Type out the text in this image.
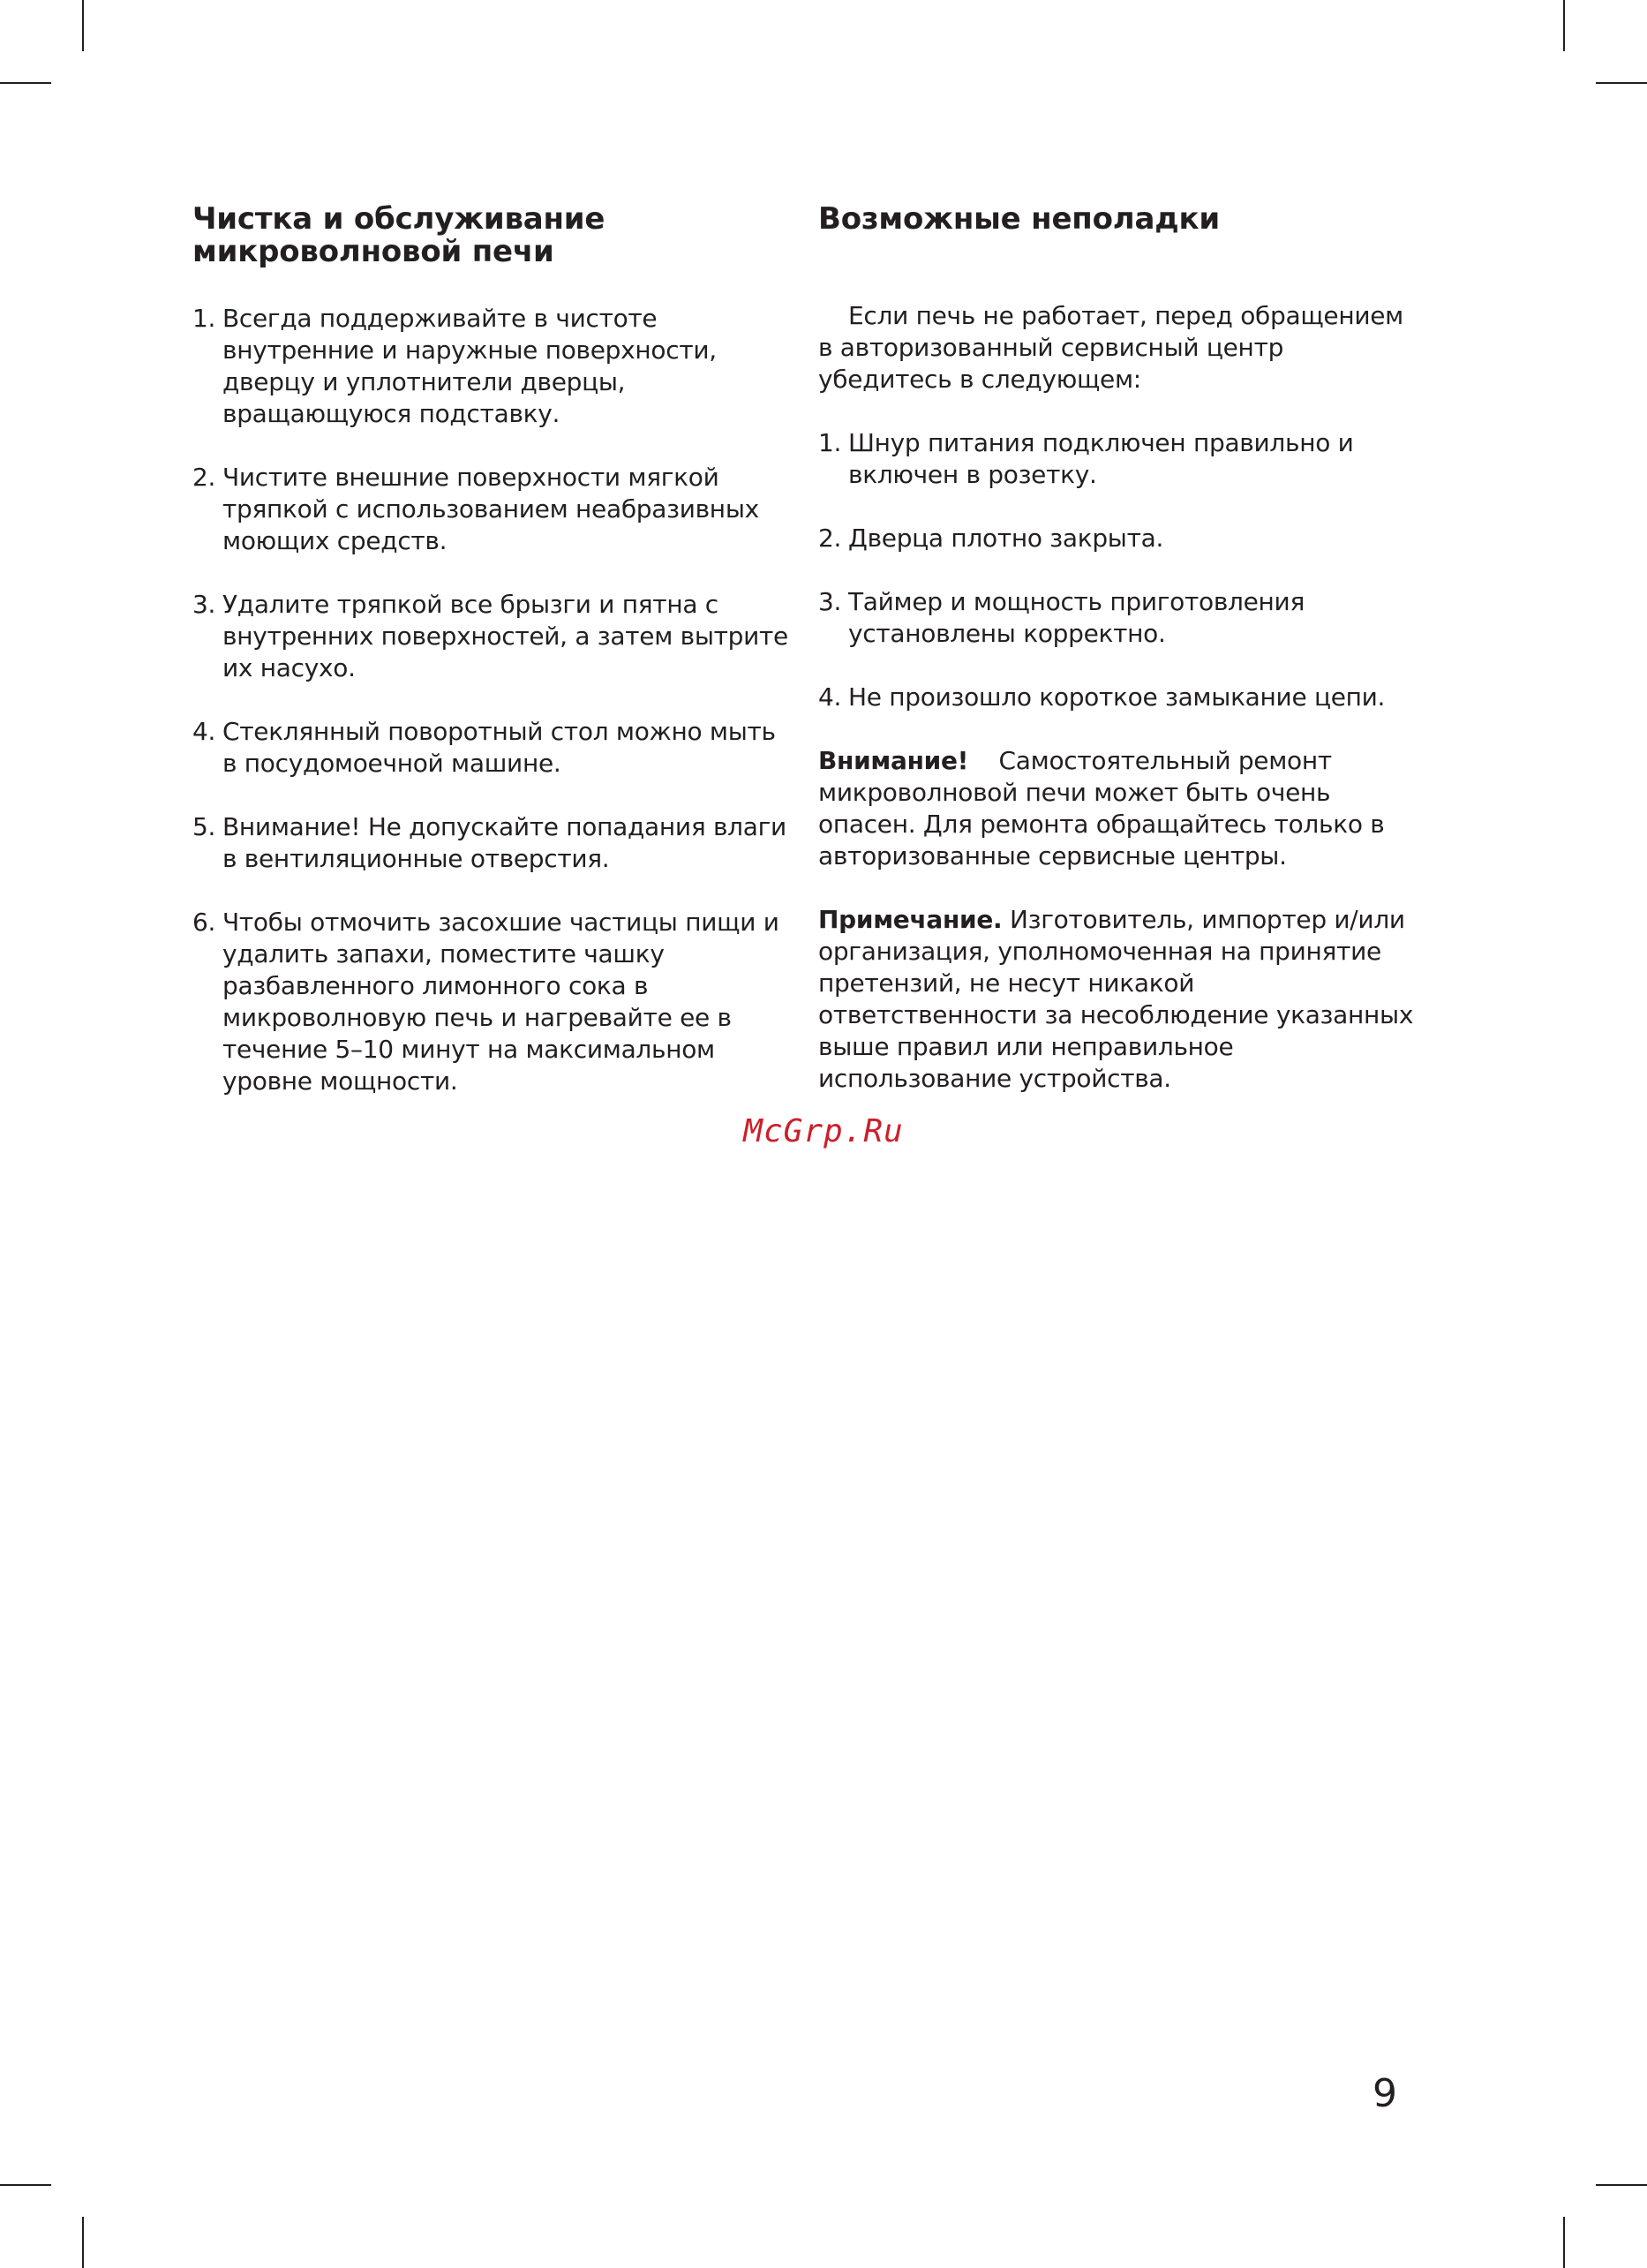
Чистка и обслуживание микроволновой печи
1. Всегда поддерживайте в чистоте внутренние и наружные поверхности, дверцу и уплотнители дверцы, вращающуюся подставку.
2. Чистите внешние поверхности мягкой тряпкой с использованием неабразивных моющих средств.
3. Удалите тряпкой все брызги и пятна с внутренних поверхностей, а затем вытрите их насухо.
4. Стеклянный поворотный стол можно мыть в посудомоечной машине.
5. Внимание! Не допускайте попадания влаги в вентиляционные отверстия.
6. Чтобы отмочить засохшие частицы пищи и удалить запахи, поместите чашку разбавленного лимонного сока в микроволновую печь и нагревайте ее в течение 5–10 минут на максимальном уровне мощности.
Возможные неполадки

Если печь не работает, перед обращением в авторизованный сервисный центр убедитесь в следующем:

1. Шнур питания подключен правильно и включен в розетку.
2. Дверца плотно закрыта.
3. Таймер и мощность приготовления установлены корректно.
4. Не произошло короткое замыкание цепи.

Внимание! Самостоятельный ремонт микроволновой печи может быть очень опасен. Для ремонта обращайтесь только в авторизованные сервисные центры.

Примечание. Изготовитель, импортер и/или организация, уполномоченная на принятие претензий, не несут никакой ответственности за несоблюдение указанных выше правил или неправильное использование устройства.

McGrp.Ru
9
